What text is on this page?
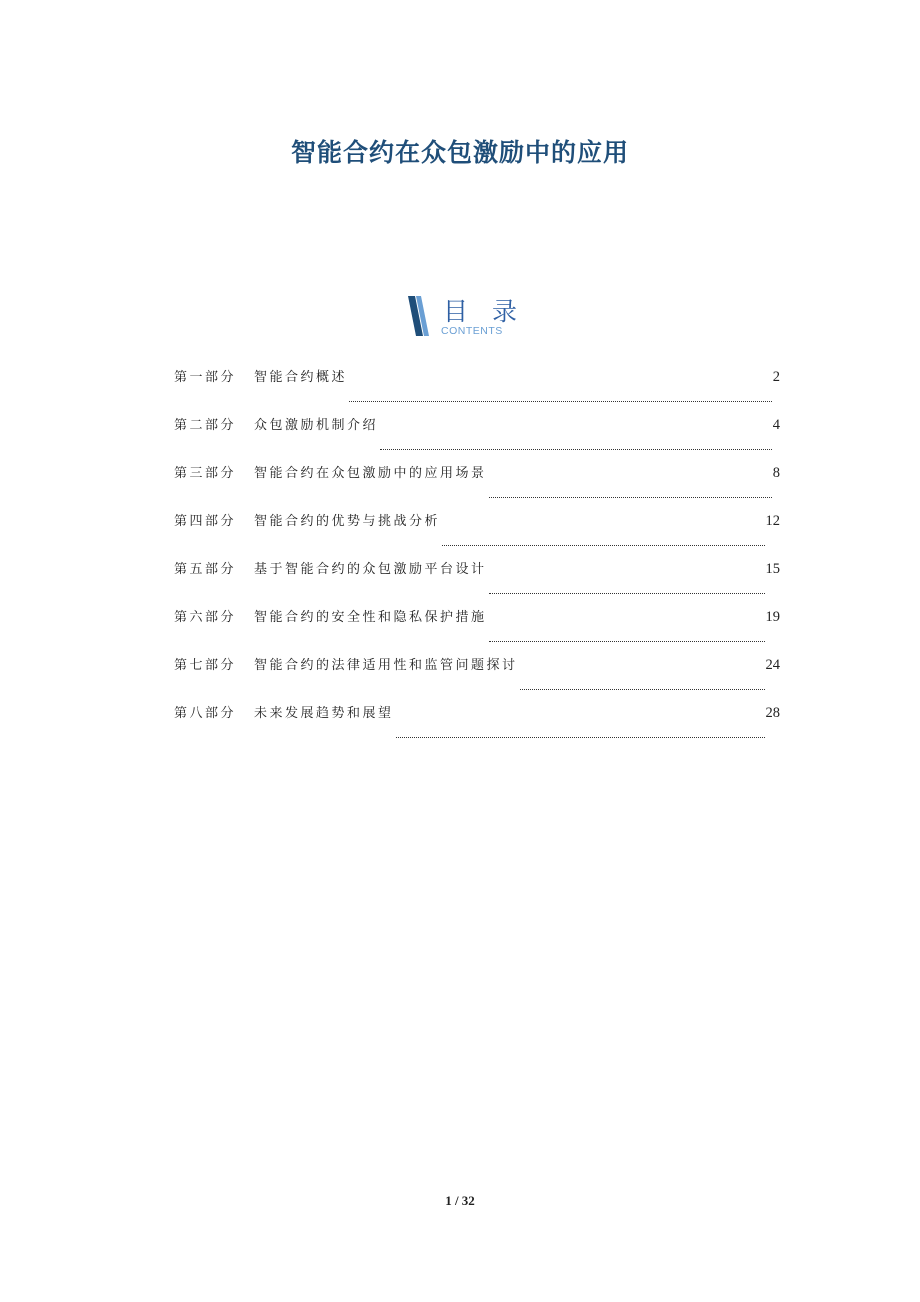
智能合约在众包激励中的应用
目 录
CONTENTS
第一部分	智能合约概述	2
第二部分	众包激励机制介绍	4
第三部分	智能合约在众包激励中的应用场景	8
第四部分	智能合约的优势与挑战分析	12
第五部分	基于智能合约的众包激励平台设计	15
第六部分	智能合约的安全性和隐私保护措施	19
第七部分	智能合约的法律适用性和监管问题探讨	24
第八部分	未来发展趋势和展望	28
1 / 32
